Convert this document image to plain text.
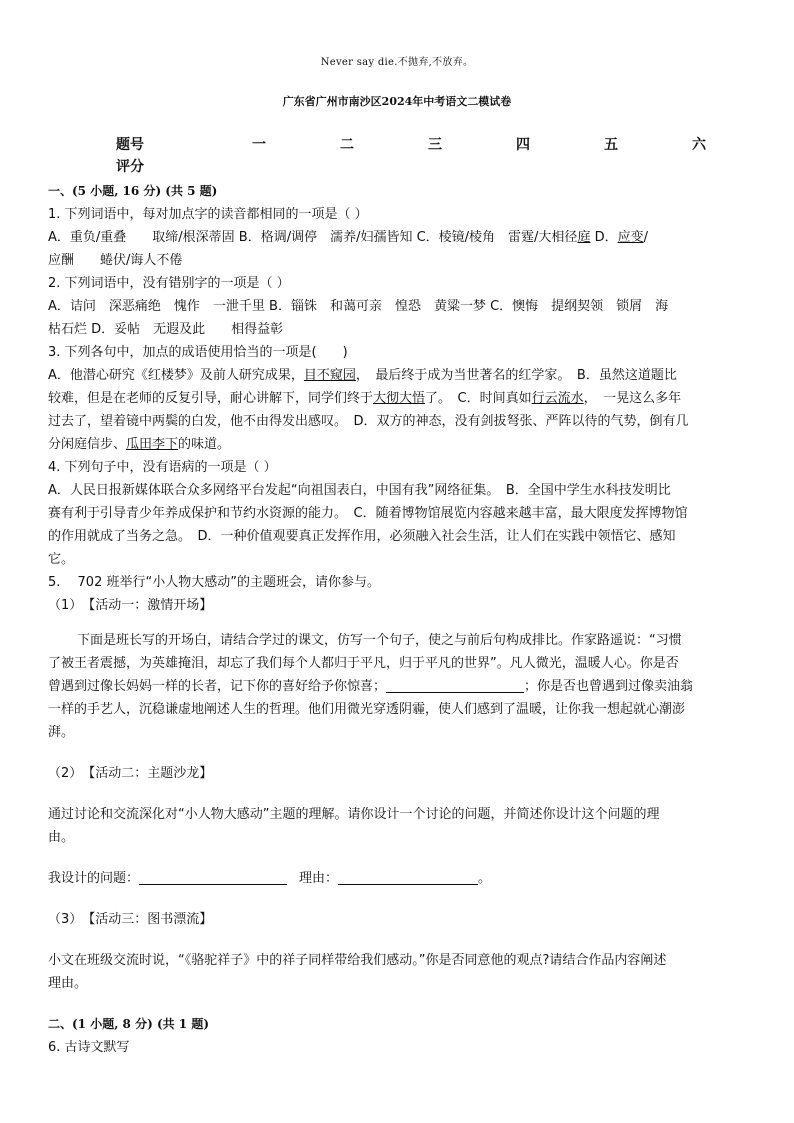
Never say die.不抛弃,不放弃。
广东省广州市南沙区2024年中考语文二模试卷
题号	一	二	三	四	五	六
评分

一、(5 小题, 16 分) (共 5 题)

1. 下列词语中，每对加点字的读音都相同的一项是（ ）

A．重负/重叠　　取缔/根深蒂固 B．格调/调停　濡养/妇孺皆知 C．棱镜/棱角　雷霆/大相径庭 D．应变/

应酬　　蜷伏/诲人不倦

2. 下列词语中，没有错别字的一项是（ ）

A．诘问　深恶痛绝　愧作　一泄千里 B．锱铢　和蔼可亲　惶恐　黄粱一梦 C．懊悔　提纲契领　锁屑　海

枯石烂 D．妥帖　无遐及此　　相得益彰

3. 下列各句中，加点的成语使用恰当的一项是(　　)

A．他潜心研究《红楼梦》及前人研究成果，目不窥园，　最后终于成为当世著名的红学家。　B．虽然这道题比

较难，但是在老师的反复引导，耐心讲解下，同学们终于大彻大悟了。　C．时间真如行云流水，　一晃这么多年

过去了，望着镜中两鬓的白发，他不由得发出感叹。　D．双方的神态，没有剑拔弩张、严阵以待的气势，倒有几

分闲庭信步、瓜田李下的味道。

4. 下列句子中，没有语病的一项是（ ）

A．人民日报新媒体联合众多网络平台发起“向祖国表白，中国有我”网络征集。　B．全国中学生水科技发明比

赛有利于引导青少年养成保护和节约水资源的能力。　C．随着博物馆展览内容越来越丰富，最大限度发挥博物馆

的作用就成了当务之急。　D．一种价值观要真正发挥作用，必须融入社会生活，让人们在实践中领悟它、感知

它。

5.　 702 班举行“小人物大感动”的主题班会，请你参与。

（1）　【活动一：激情开场】

下面是班长写的开场白，请结合学过的课文，仿写一个句子，使之与前后句构成排比。作家路遥说：“习惯

了被王者震撼，为英雄掩泪，却忘了我们每个人都归于平凡，归于平凡的世界”。凡人微光，温暖人心。你是否

曾遇到过像长妈妈一样的长者，记下你的喜好给予你惊喜；	；你是否也曾遇到过像卖油翁

一样的手艺人，沉稳谦虚地阐述人生的哲理。他们用微光穿透阴霾，使人们感到了温暖，让你我一想起就心潮澎

湃。

（2）　【活动二：主题沙龙】

通过讨论和交流深化对“小人物大感动”主题的理解。请你设计一个讨论的问题，并简述你设计这个问题的理

由。

我设计的问题：	理由：	。

（3）　【活动三：图书漂流】

小文在班级交流时说，“《骆驼祥子》中的祥子同样带给我们感动。”你是否同意他的观点?请结合作品内容阐述

理由。

二、(1 小题, 8 分) (共 1 题)

6. 古诗文默写
